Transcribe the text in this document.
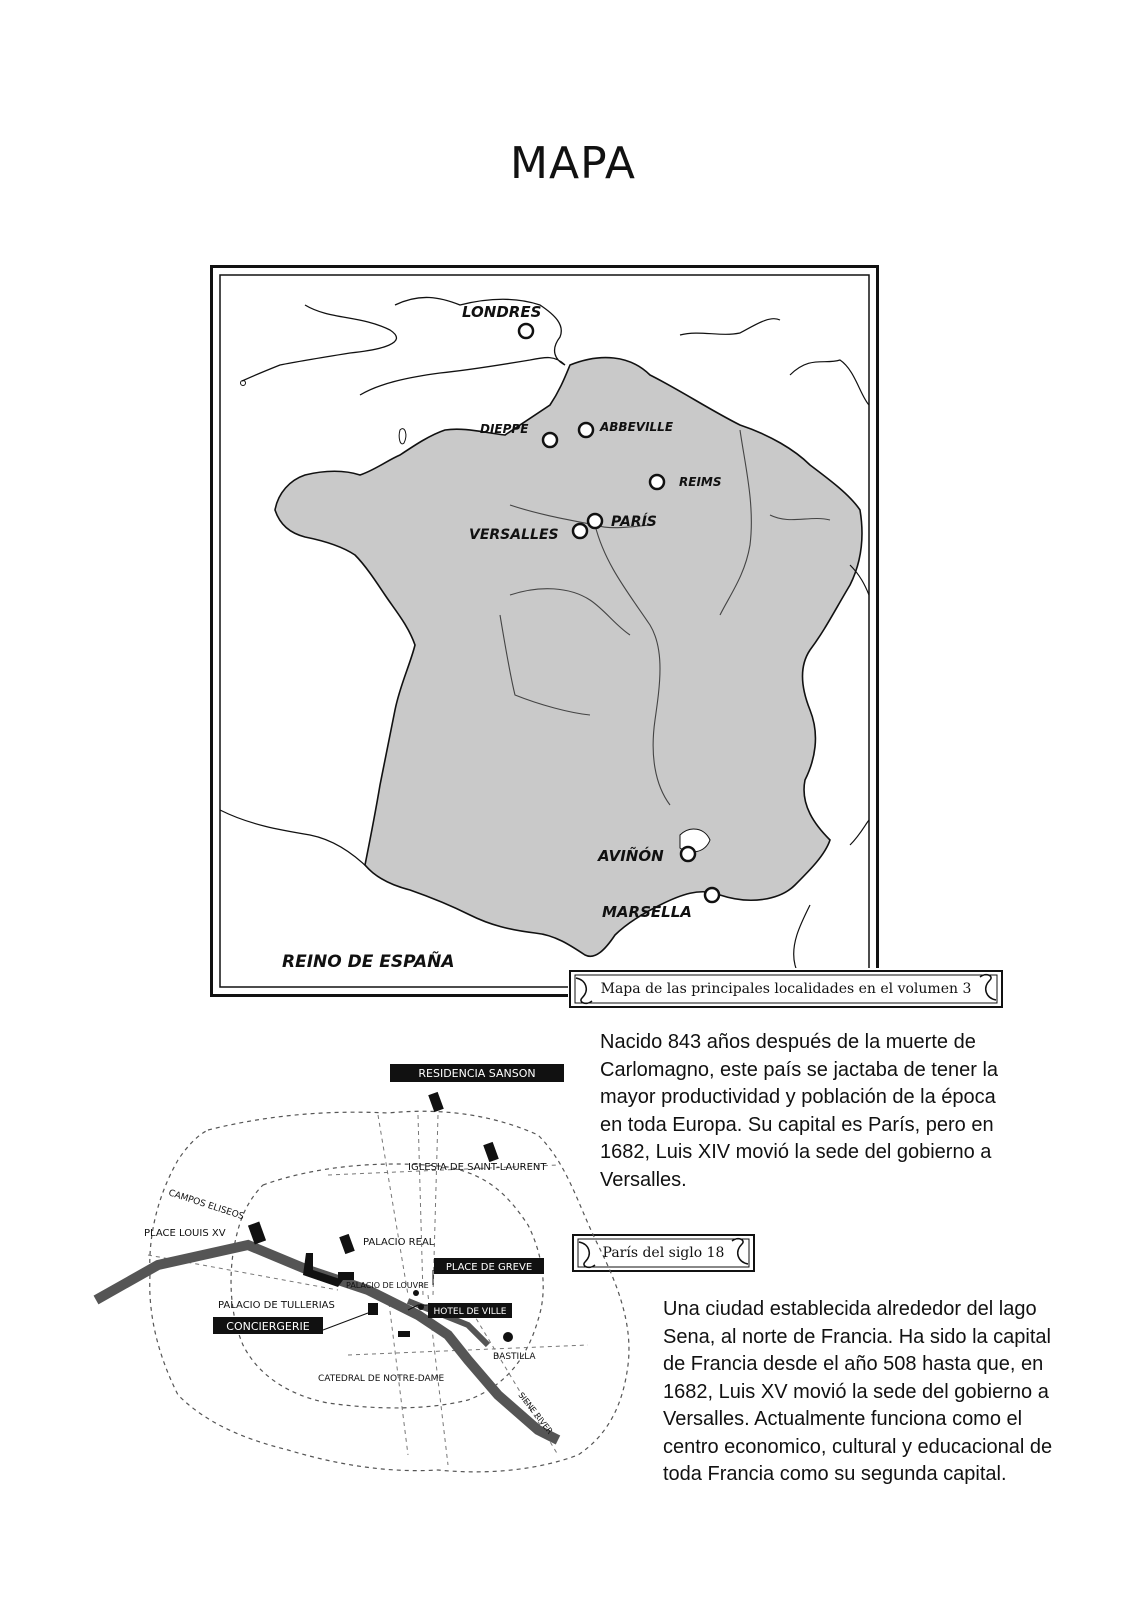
MAPA
LONDRES
DIEPPE	ABBEVILLE
REIMS
PARÍS
VERSALLES
AVIÑÓN
MARSELLA
REINO DE ESPAÑA
Mapa de las principales localidades en el volumen 3
Nacido 843 años después de la muerte de Carlomagno, este país se jactaba de tener la mayor productividad y población de la época en toda Europa. Su capital es París, pero en 1682, Luis XIV movió la sede del gobierno a Versalles.
París del siglo 18
Una ciudad establecida alrededor del lago Sena, al norte de Francia. Ha sido la capital de Francia desde el año 508 hasta que, en 1682, Luis XV movió la sede del gobierno a Versalles. Actualmente funciona como el centro economico, cultural y educacional de toda Francia como su segunda capital.
RESIDENCIA SANSON
IGLESIA DE SAINT-LAURENT
CAMPOS ELISEOS
PLACE LOUIS XV
PALACIO REAL
PLACE DE GREVE
PALACIO DE LOUVRE
PALACIO DE TULLERIAS
HOTEL DE VILLE
CONCIERGERIE
BASTILLA
CATEDRAL DE NOTRE-DAME
SIENE RIVER
